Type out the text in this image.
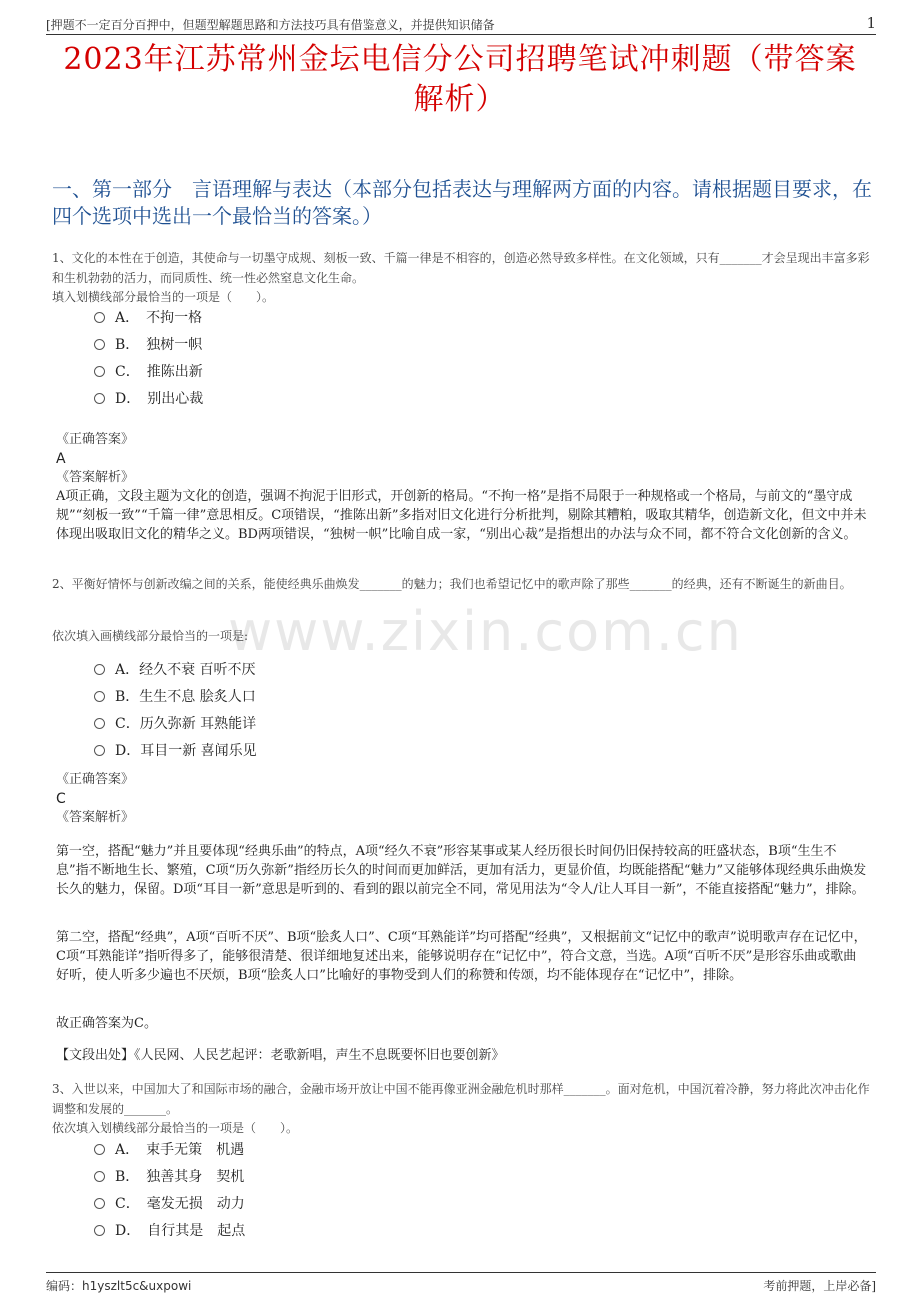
[押题不一定百分百押中，但题型解题思路和方法技巧具有借鉴意义，并提供知识储备	1
www.zixin.com.cn
2023年江苏常州金坛电信分公司招聘笔试冲刺题（带答案解析）
一、第一部分　言语理解与表达（本部分包括表达与理解两方面的内容。请根据题目要求，在四个选项中选出一个最恰当的答案。）
1、文化的本性在于创造，其使命与一切墨守成规、刻板一致、千篇一律是不相容的，创造必然导致多样性。在文化领域，只有_______才会呈现出丰富多彩和生机勃勃的活力，而同质性、统一性必然窒息文化生命。
填入划横线部分最恰当的一项是（　　）。
A．　不拘一格
B．　独树一帜
C．　推陈出新
D．　别出心裁
《正确答案》
A
《答案解析》
A项正确，文段主题为文化的创造，强调不拘泥于旧形式，开创新的格局。“不拘一格”是指不局限于一种规格或一个格局，与前文的“墨守成规”“刻板一致”“千篇一律”意思相反。C项错误，“推陈出新”多指对旧文化进行分析批判，剔除其糟粕，吸取其精华，创造新文化，但文中并未体现出吸取旧文化的精华之义。BD两项错误，“独树一帜”比喻自成一家，“别出心裁”是指想出的办法与众不同，都不符合文化创新的含义。
2、平衡好情怀与创新改编之间的关系，能使经典乐曲焕发_______的魅力；我们也希望记忆中的歌声除了那些_______的经典，还有不断诞生的新曲目。
依次填入画横线部分最恰当的一项是:
A．经久不衰 百听不厌
B．生生不息 脍炙人口
C．历久弥新 耳熟能详
D．耳目一新 喜闻乐见
《正确答案》
C
《答案解析》
第一空，搭配“魅力”并且要体现“经典乐曲”的特点，A项“经久不衰”形容某事或某人经历很长时间仍旧保持较高的旺盛状态，B项“生生不息”指不断地生长、繁殖，C项“历久弥新”指经历长久的时间而更加鲜活，更加有活力，更显价值，均既能搭配“魅力”又能够体现经典乐曲焕发长久的魅力，保留。D项“耳目一新”意思是听到的、看到的跟以前完全不同，常见用法为“令人/让人耳目一新”，不能直接搭配“魅力”，排除。
第二空，搭配“经典”，A项“百听不厌”、B项“脍炙人口”、C项“耳熟能详”均可搭配“经典”，又根据前文“记忆中的歌声”说明歌声存在记忆中，C项“耳熟能详”指听得多了，能够很清楚、很详细地复述出来，能够说明存在“记忆中”，符合文意，当选。A项“百听不厌”是形容乐曲或歌曲好听，使人听多少遍也不厌烦，B项“脍炙人口”比喻好的事物受到人们的称赞和传颂，均不能体现存在“记忆中”，排除。
故正确答案为C。
【文段出处】《人民网、人民艺起评：老歌新唱，声生不息既要怀旧也要创新》
3、入世以来，中国加大了和国际市场的融合，金融市场开放让中国不能再像亚洲金融危机时那样_______。面对危机，中国沉着冷静，努力将此次冲击化作调整和发展的_______。
依次填入划横线部分最恰当的一项是（　　）。
A．　束手无策　机遇
B．　独善其身　契机
C．　毫发无损　动力
D．　自行其是　起点
编码：h1yszlt5c&uxpowi	考前押题，上岸必备]
